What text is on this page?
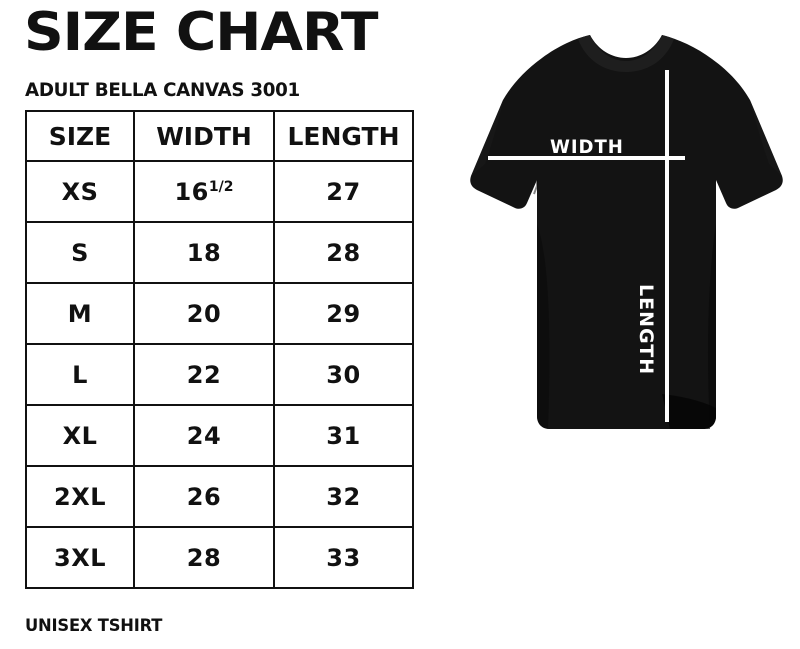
SIZE CHART
ADULT BELLA CANVAS 3001
SIZE	WIDTH	LENGTH
XS	$16^{1/2}$	27
S	18	28
M	20	29
L	22	30
XL	24	31
2XL	26	32
3XL	28	33
UNISEX TSHIRT
WIDTH
LENGTH
